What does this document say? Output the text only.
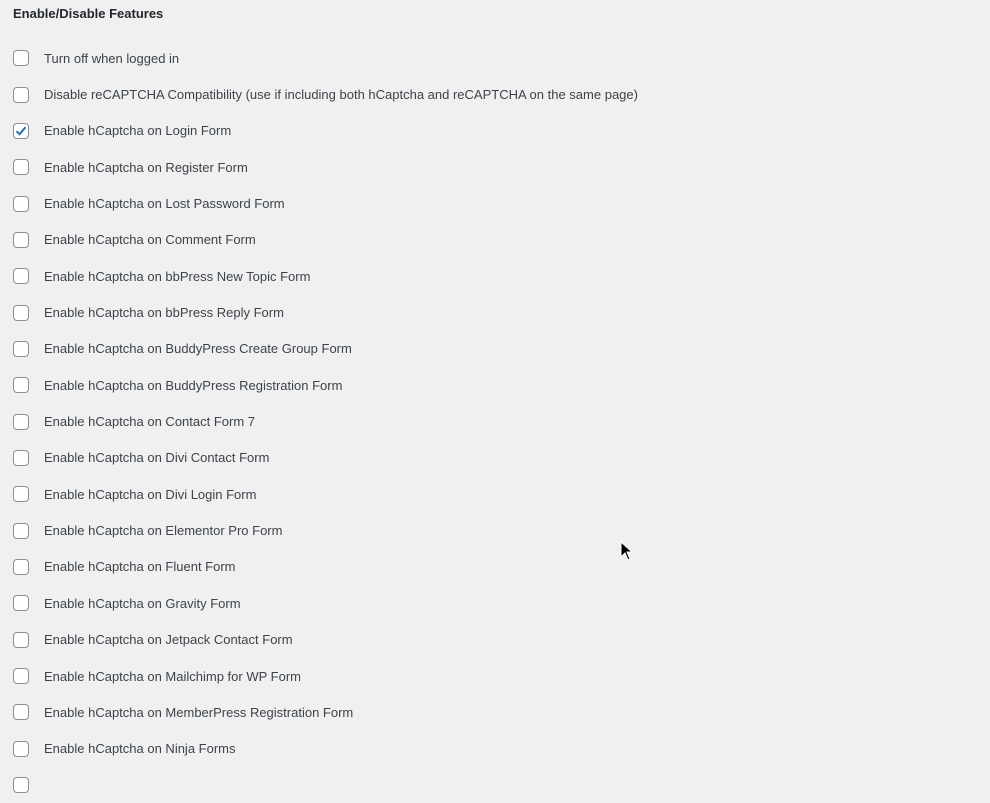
Enable/Disable Features
Turn off when logged in
Disable reCAPTCHA Compatibility (use if including both hCaptcha and reCAPTCHA on the same page)
Enable hCaptcha on Login Form
Enable hCaptcha on Register Form
Enable hCaptcha on Lost Password Form
Enable hCaptcha on Comment Form
Enable hCaptcha on bbPress New Topic Form
Enable hCaptcha on bbPress Reply Form
Enable hCaptcha on BuddyPress Create Group Form
Enable hCaptcha on BuddyPress Registration Form
Enable hCaptcha on Contact Form 7
Enable hCaptcha on Divi Contact Form
Enable hCaptcha on Divi Login Form
Enable hCaptcha on Elementor Pro Form
Enable hCaptcha on Fluent Form
Enable hCaptcha on Gravity Form
Enable hCaptcha on Jetpack Contact Form
Enable hCaptcha on Mailchimp for WP Form
Enable hCaptcha on MemberPress Registration Form
Enable hCaptcha on Ninja Forms
